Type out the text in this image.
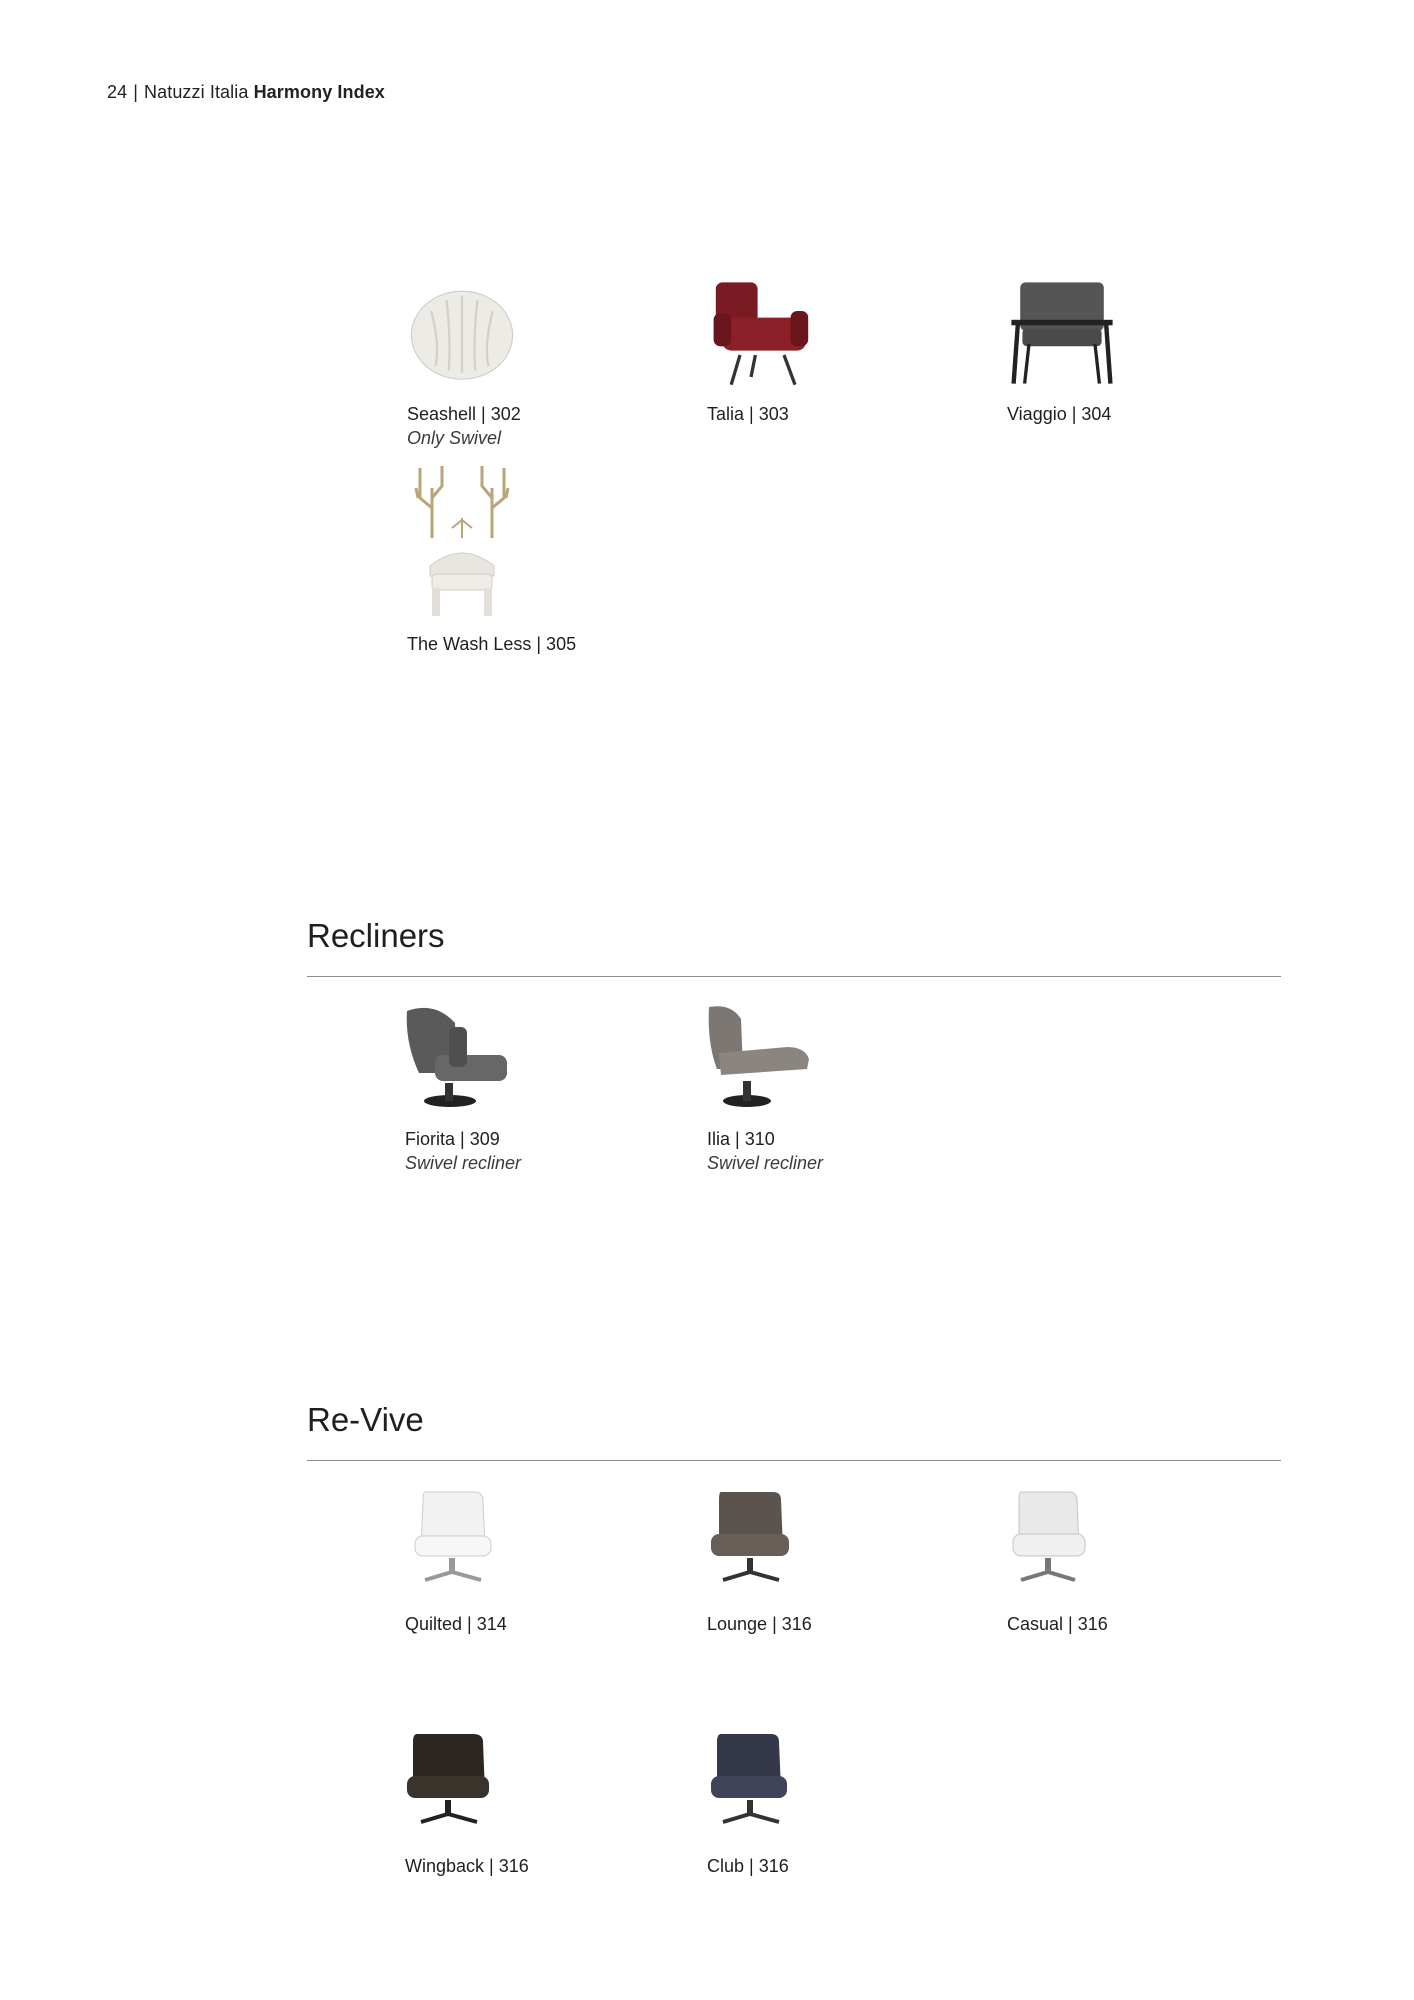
24 | Natuzzi Italia Harmony Index
Seashell | 302
Only Swivel
Talia | 303	Viaggio | 304
The Wash Less | 305
Recliners
Fiorita | 309
Swivel recliner
Ilia | 310
Swivel recliner
Re-Vive
Quilted | 314	Lounge | 316	Casual | 316
Wingback | 316	Club | 316
